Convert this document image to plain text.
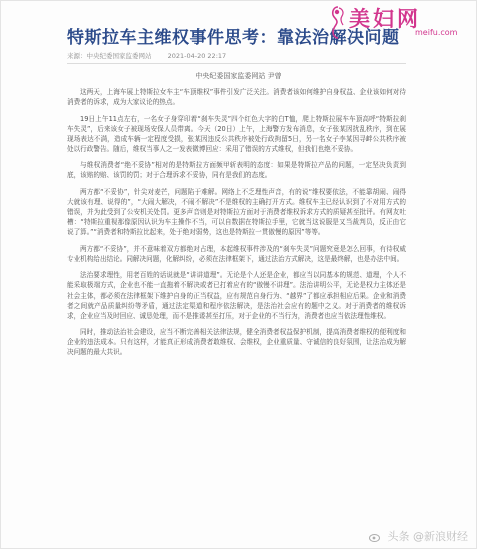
特斯拉车主维权事件思考：靠法治解决问题
美妇网
meifu.com
来源：中央纪委国家监委网站 2021-04-20 22:17
中央纪委国家监委网站 尹曾

这两天，上海车展上特斯拉女车主“车顶维权”事件引发广泛关注。消费者该如何维护自身权益、企业该如何对待消费者的诉求，成为大家议论的热点。

19日上午11点左右，一名女子身穿印着“刹车失灵”四个红色大字的白T恤，爬上特斯拉展车车顶高呼“特斯拉刹车失灵”，后来该女子被现场安保人员带离。今天（20日）上午，上海警方发布消息，女子张某因扰乱秩序，到在展现场表达不满，造成车辆一定程度受损，张某因违反公共秩序被处行政拘留5日，另一名女子李某因寻衅公共秩序被处以行政警告。随后，维权当事人之一发表微博回应：采用了错误的方式维权，但我们也绝不妥协。

与维权消费者“绝不妥协”相对的是特斯拉方面频甲斩表明的态度：如果是特斯拉产品的问题，一定坚决负责到底，该赔的赔、该罚的罚；对于合理诉求不妥协，同有是我们的态度。

两方都“不妥协”，针尖对麦芒，问题陷于难解。网络上不乏理性声音，有的说“维权要依法，不能靠胡闹、闹得大就该有理、说得的”，“大闹大解决，不闹不解决”不是维权的主确打开方式。维权车主已经认识到了不对用方式的错误，并为此受到了公安机关处罚。更多声音则是对特斯拉方面对于消费者维权诉求方式的质疑甚至批评。有网友吐槽：“特斯拉重视那像原因认识为车主操作不当，可以自数据在特斯拉手里，它就当这说服是又当裁判员，反正由它说了算。”“消费者和特斯拉比起来，处于绝对弱势，这也是特斯拉一贯傲慢的原因”等等。

两方都“不妥协”，并不意味着双方都绝对占理，本起维权事件涉及的“刹车失灵”问题究竟是怎么回事，有待权威专业机构给出结论。同解决问题，化解纠纷，必须在法律框架下，通过法治方式解决，这是最终解，也是办法中间。

法治要求理性，用老百姓的话说就是“讲讲道理”。无论是个人还是企业，都应当以同基本的规范、道理，个人不能采取极端方式，企业也不能一直拖着不解决或者已打着应有的“傲慢不讲理”。法治讲明公平，无论是权力主体还是社会主体，都必须在法律框架下维护自身的正当权益，应有规范自身行为、“越界”了都应承担相应后果。企业和消费者之间就产品质量纠纷等矛盾，通过法定渠道和程序依法解决，是法治社会应有的题中之义。对于消费者的维权诉求，企业应当及时回应、诚恳处理，而不是推诿甚至打压，对于企业的不当行为，消费者也应当依法理性维权。

同时，推动法治社会建设，应当不断完善相关法律法规，健全消费者权益保护机制，提高消费者维权的便利度和企业的违法成本。只有这样，才能真正形成消费者敢维权、会维权，企业重质量、守诚信的良好氛围，让法治成为解决问题的最大共识。

头条 @新浪财经
